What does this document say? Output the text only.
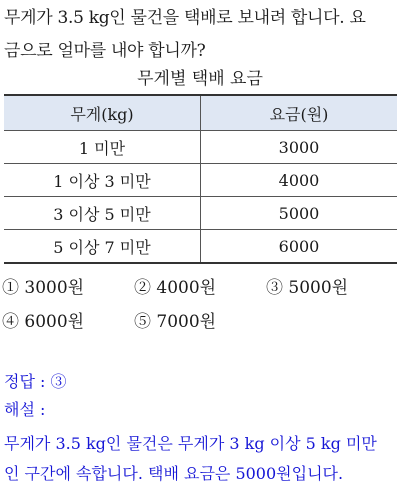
무게가 3.5 kg인 물건을 택배로 보내려 합니다. 요
금으로 얼마를 내야 합니까?
무게별 택배 요금
무게(kg)	요금(원)
1 미만	3000
1 이상 3 미만	4000
3 이상 5 미만	5000
5 이상 7 미만	6000
① 3000원	② 4000원	③ 5000원
④ 6000원	⑤ 7000원
정답 : ③
해설 :
무게가 3.5 kg인 물건은 무게가 3 kg 이상 5 kg 미만
인 구간에 속합니다. 택배 요금은 5000원입니다.
